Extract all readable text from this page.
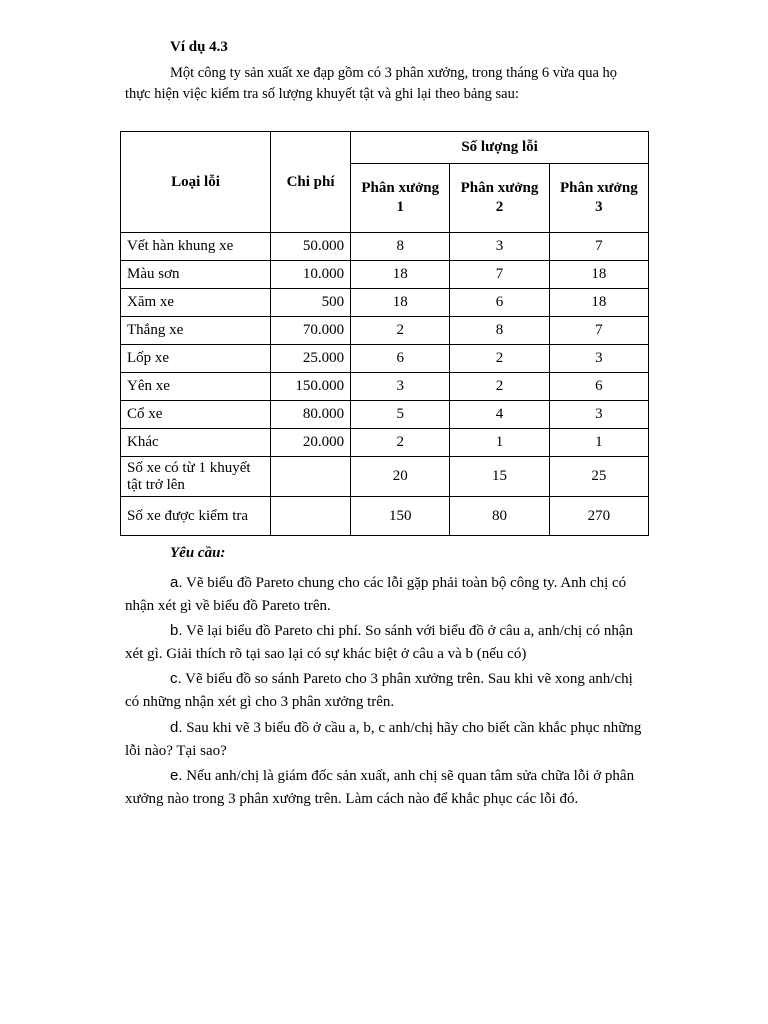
Ví dụ 4.3
Một công ty sản xuất xe đạp gồm có 3 phân xưởng, trong tháng 6 vừa qua họ thực hiện việc kiểm tra số lượng khuyết tật và ghi lại theo bảng sau:
Loại lỗi	Chi phí	Số lượng lỗi		
		Phân xưởng 1	Phân xưởng 2	Phân xưởng 3
Vết hàn khung xe	50.000	8	3	7
Màu sơn	10.000	18	7	18
Xăm xe	500	18	6	18
Thắng xe	70.000	2	8	7
Lốp xe	25.000	6	2	3
Yên xe	150.000	3	2	6
Cổ xe	80.000	5	4	3
Khác	20.000	2	1	1
Số xe có từ 1 khuyết tật trở lên		20	15	25
Số xe được kiểm tra		150	80	270
Yêu cầu:
a. Vẽ biểu đồ Pareto chung cho các lỗi gặp phải toàn bộ công ty. Anh chị có nhận xét gì về biểu đồ Pareto trên.
b. Vẽ lại biểu đồ Pareto chi phí. So sánh với biểu đồ ở câu a, anh/chị có nhận xét gì. Giải thích rõ tại sao lại có sự khác biệt ở câu a và b (nếu có)
c. Vẽ biểu đồ so sánh Pareto cho 3 phân xưởng trên. Sau khi vẽ xong anh/chị có những nhận xét gì cho 3 phân xưởng trên.
d. Sau khi vẽ 3 biểu đồ ở cầu a, b, c anh/chị hãy cho biết cần khắc phục những lỗi nào? Tại sao?
e. Nếu anh/chị là giám đốc sản xuất, anh chị sẽ quan tâm sửa chữa lỗi ở phân xưởng nào trong 3 phân xưởng trên. Làm cách nào để khắc phục các lỗi đó.
